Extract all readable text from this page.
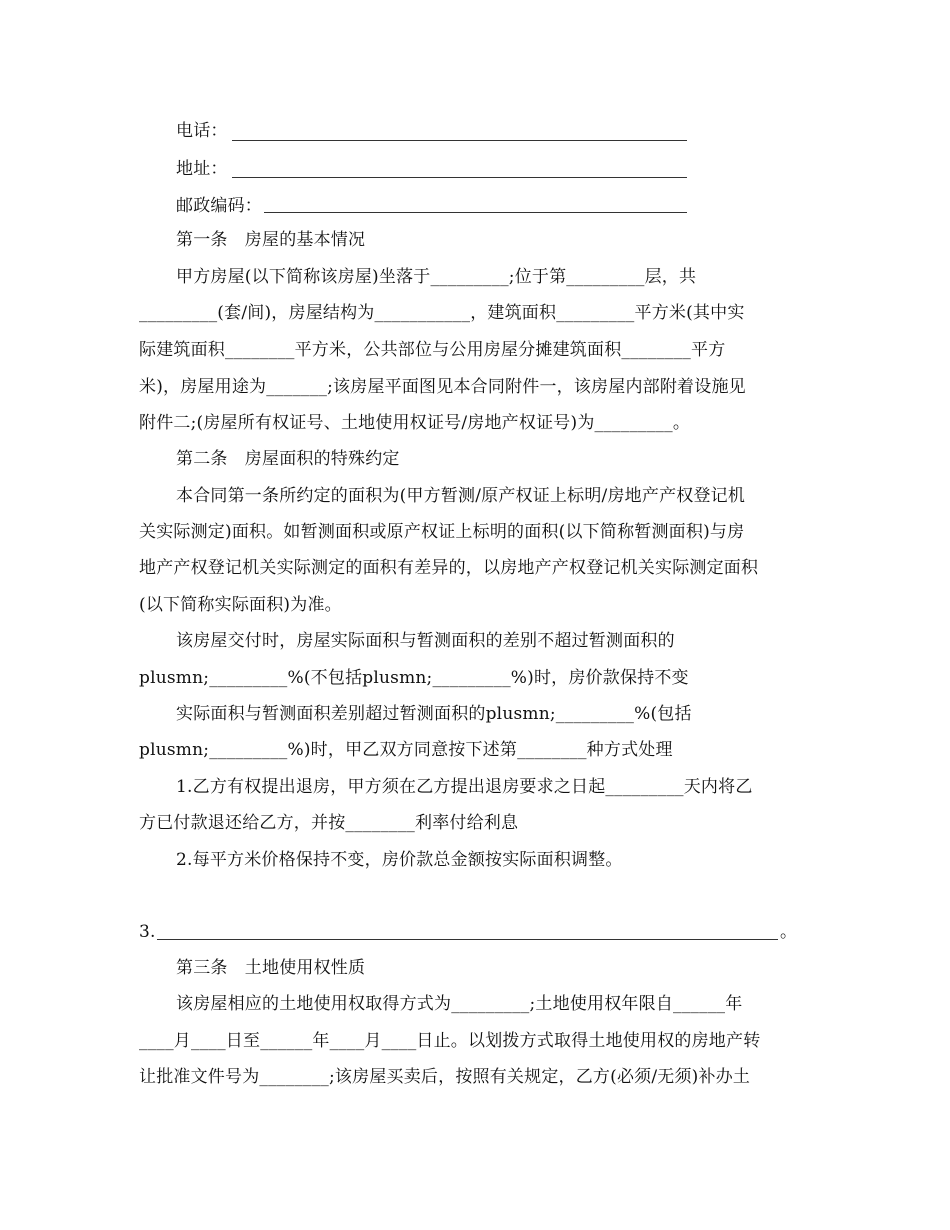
电话：
地址：
邮政编码：
第一条　房屋的基本情况
甲方房屋(以下简称该房屋)坐落于_________;位于第_________层，共
_________(套/间)，房屋结构为___________，建筑面积_________平方米(其中实
际建筑面积________平方米，公共部位与公用房屋分摊建筑面积________平方
米)，房屋用途为_______;该房屋平面图见本合同附件一，该房屋内部附着设施见
附件二;(房屋所有权证号、土地使用权证号/房地产权证号)为_________。
第二条　房屋面积的特殊约定
本合同第一条所约定的面积为(甲方暂测/原产权证上标明/房地产产权登记机
关实际测定)面积。如暂测面积或原产权证上标明的面积(以下简称暂测面积)与房
地产产权登记机关实际测定的面积有差异的，以房地产产权登记机关实际测定面积
(以下简称实际面积)为准。
该房屋交付时，房屋实际面积与暂测面积的差别不超过暂测面积的
plusmn;_________%(不包括plusmn;_________%)时，房价款保持不变
实际面积与暂测面积差别超过暂测面积的plusmn;_________%(包括
plusmn;_________%)时，甲乙双方同意按下述第________种方式处理
1.乙方有权提出退房，甲方须在乙方提出退房要求之日起_________天内将乙
方已付款退还给乙方，并按________利率付给利息
2.每平方米价格保持不变，房价款总金额按实际面积调整。
3.	。
第三条　土地使用权性质
该房屋相应的土地使用权取得方式为_________;土地使用权年限自______年
____月____日至______年____月____日止。以划拨方式取得土地使用权的房地产转
让批准文件号为________;该房屋买卖后，按照有关规定，乙方(必须/无须)补办土
